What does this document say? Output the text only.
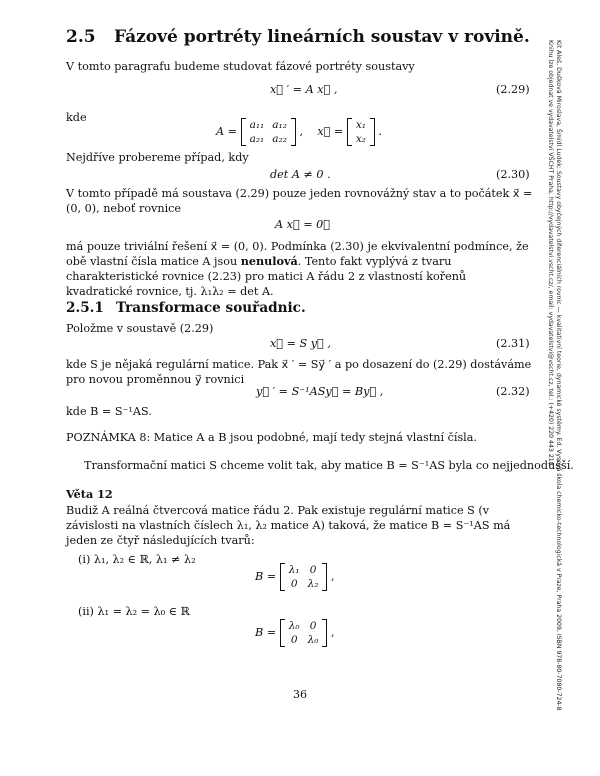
2.5 Fázové portréty lineárních soustav v rovině.
V tomto paragrafu budeme studovat fázové portréty soustavy
x⃗ ′ = A x⃗ ,	(2.29)
kde
A = a₁₁	a₁₂
a₂₁	a₂₂
, x⃗ = x₁
x₂
.
Nejdříve probereme případ, kdy
det A ≠ 0 .	(2.30)
V tomto případě má soustava (2.29) pouze jeden rovnovážný stav a to počátek x⃗ = (0, 0), neboť rovnice
A x⃗ = 0⃗
má pouze triviální řešení x⃗ = (0, 0). Podmínka (2.30) je ekvivalentní podmínce, že obě vlastní čísla matice A jsou nenulová. Tento fakt vyplývá z tvaru charakteristické rovnice (2.23) pro matici A řádu 2 z vlastností kořenů kvadratické rovnice, tj. λ₁λ₂ = det A.
2.5.1 Transformace souřadnic.
Položme v soustavě (2.29)
x⃗ = S y⃗ ,	(2.31)
kde S je nějaká regulární matice. Pak x⃗ ′ = Sy⃗ ′ a po dosazení do (2.29) dostáváme pro novou proměnnou y⃗ rovnici
y⃗ ′ = S⁻¹ASy⃗ = By⃗ ,	(2.32)
kde B = S⁻¹AS.
POZNÁMKA 8: Matice A a B jsou podobné, mají tedy stejná vlastní čísla.
Transformační matici S chceme volit tak, aby matice B = S⁻¹AS byla co nejjednodušší.
Věta 12
Budiž A reálná čtvercová matice řádu 2. Pak existuje regulární matice S (v závislosti na vlastních číslech λ₁, λ₂ matice A) taková, že matice B = S⁻¹AS má jeden ze čtyř následujících tvarů:
(i) λ₁, λ₂ ∈ ℝ, λ₁ ≠ λ₂
B = λ₁	0
0	λ₂
,
(ii) λ₁ = λ₂ = λ₀ ∈ ℝ
B = λ₀	0
0	λ₀
,
36	Kit Aleš, Dušková Miroslava, Šmídl Ludek: Soustavy obyčejných diferenciálních rovnic — kvalitativní teorie, dynamické systémy. Ed. Vysoká škola chemicko-technologická v Praze, Praha 2009, ISBN 978-80-7080-724-8
Knihu lze objednat ve vydavatelství VŠCHT Praha, http://vydavatelstvi.vscht.cz/, email: vydavatelstvi@vscht.cz, tel.: (+420) 220 443 218
